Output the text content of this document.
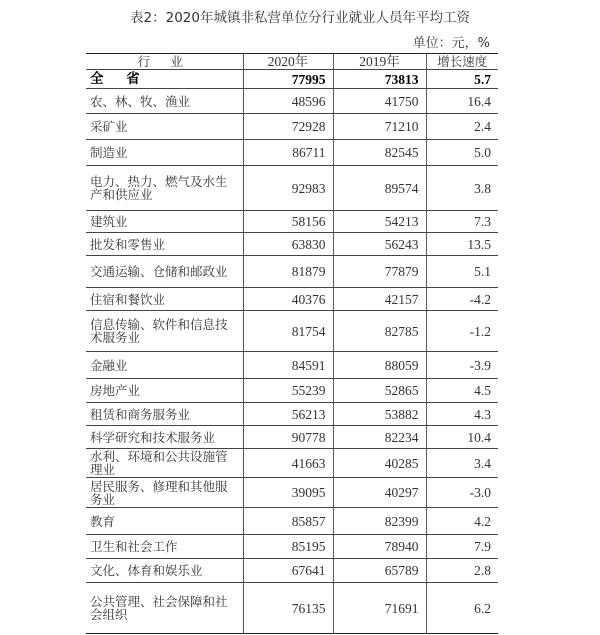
表2：2020年城镇非私营单位分行业就业人员年平均工资
单位：元，%
行 业	2020年	2019年	增长速度
全 省	77995	73813	5.7
农、林、牧、渔业	48596	41750	16.4
采矿业	72928	71210	2.4
制造业	86711	82545	5.0
电力、热力、燃气及水生产和供应业	92983	89574	3.8
建筑业	58156	54213	7.3
批发和零售业	63830	56243	13.5
交通运输、仓储和邮政业	81879	77879	5.1
住宿和餐饮业	40376	42157	-4.2
信息传输、软件和信息技术服务业	81754	82785	-1.2
金融业	84591	88059	-3.9
房地产业	55239	52865	4.5
租赁和商务服务业	56213	53882	4.3
科学研究和技术服务业	90778	82234	10.4
水利、环境和公共设施管理业	41663	40285	3.4
居民服务、修理和其他服务业	39095	40297	-3.0
教育	85857	82399	4.2
卫生和社会工作	85195	78940	7.9
文化、体育和娱乐业	67641	65789	2.8
公共管理、社会保障和社会组织	76135	71691	6.2
